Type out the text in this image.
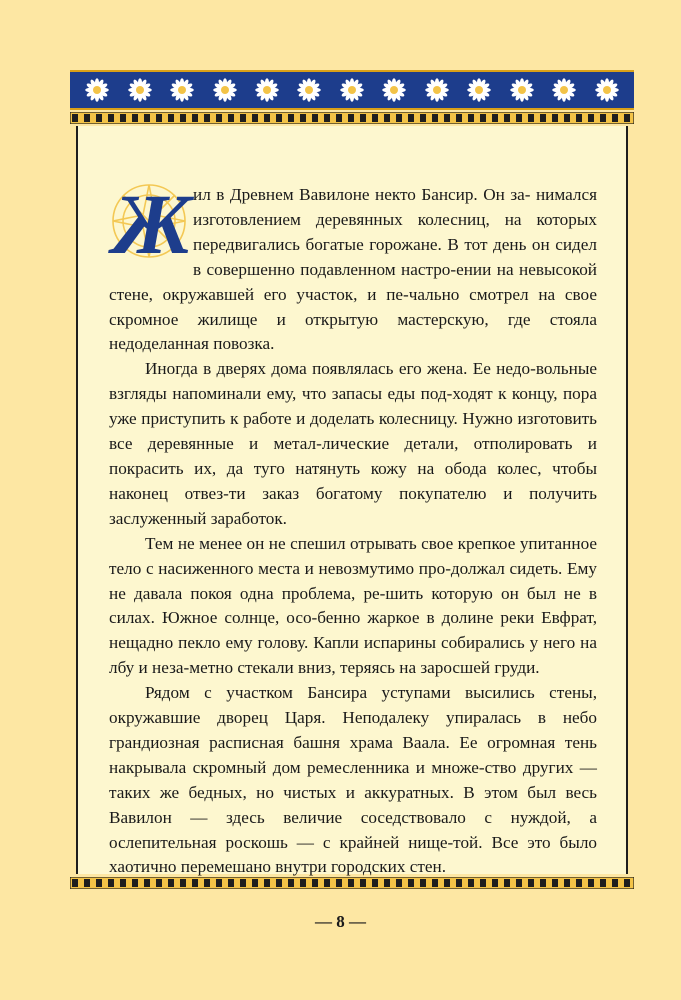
Ж ил в Древнем Вавилоне некто Бансир. Он за- нимался изготовлением деревянных колесниц, на которых передвигались богатые горожане. В тот день он сидел в совершенно подавленном настро-ении на невысокой стене, окружавшей его участок, и пе-чально смотрел на свое скромное жилище и открытую мастерскую, где стояла недоделанная повозка.

Иногда в дверях дома появлялась его жена. Ее недо-вольные взгляды напоминали ему, что запасы еды под-ходят к концу, пора уже приступить к работе и доделать колесницу. Нужно изготовить все деревянные и метал-лические детали, отполировать и покрасить их, да туго натянуть кожу на обода колес, чтобы наконец отвез-ти заказ богатому покупателю и получить заслуженный заработок.

Тем не менее он не спешил отрывать свое крепкое упитанное тело с насиженного места и невозмутимо про-должал сидеть. Ему не давала покоя одна проблема, ре-шить которую он был не в силах. Южное солнце, осо-бенно жаркое в долине реки Евфрат, нещадно пекло ему голову. Капли испарины собирались у него на лбу и неза-метно стекали вниз, теряясь на заросшей груди.

Рядом с участком Бансира уступами высились стены, окружавшие дворец Царя. Неподалеку упиралась в небо грандиозная расписная башня храма Ваала. Ее огромная тень накрывала скромный дом ремесленника и множе-ство других — таких же бедных, но чистых и аккуратных. В этом был весь Вавилон — здесь величие соседствовало с нуждой, а ослепительная роскошь — с крайней нище-той. Все это было хаотично перемешано внутри городских стен.

— 8 —
